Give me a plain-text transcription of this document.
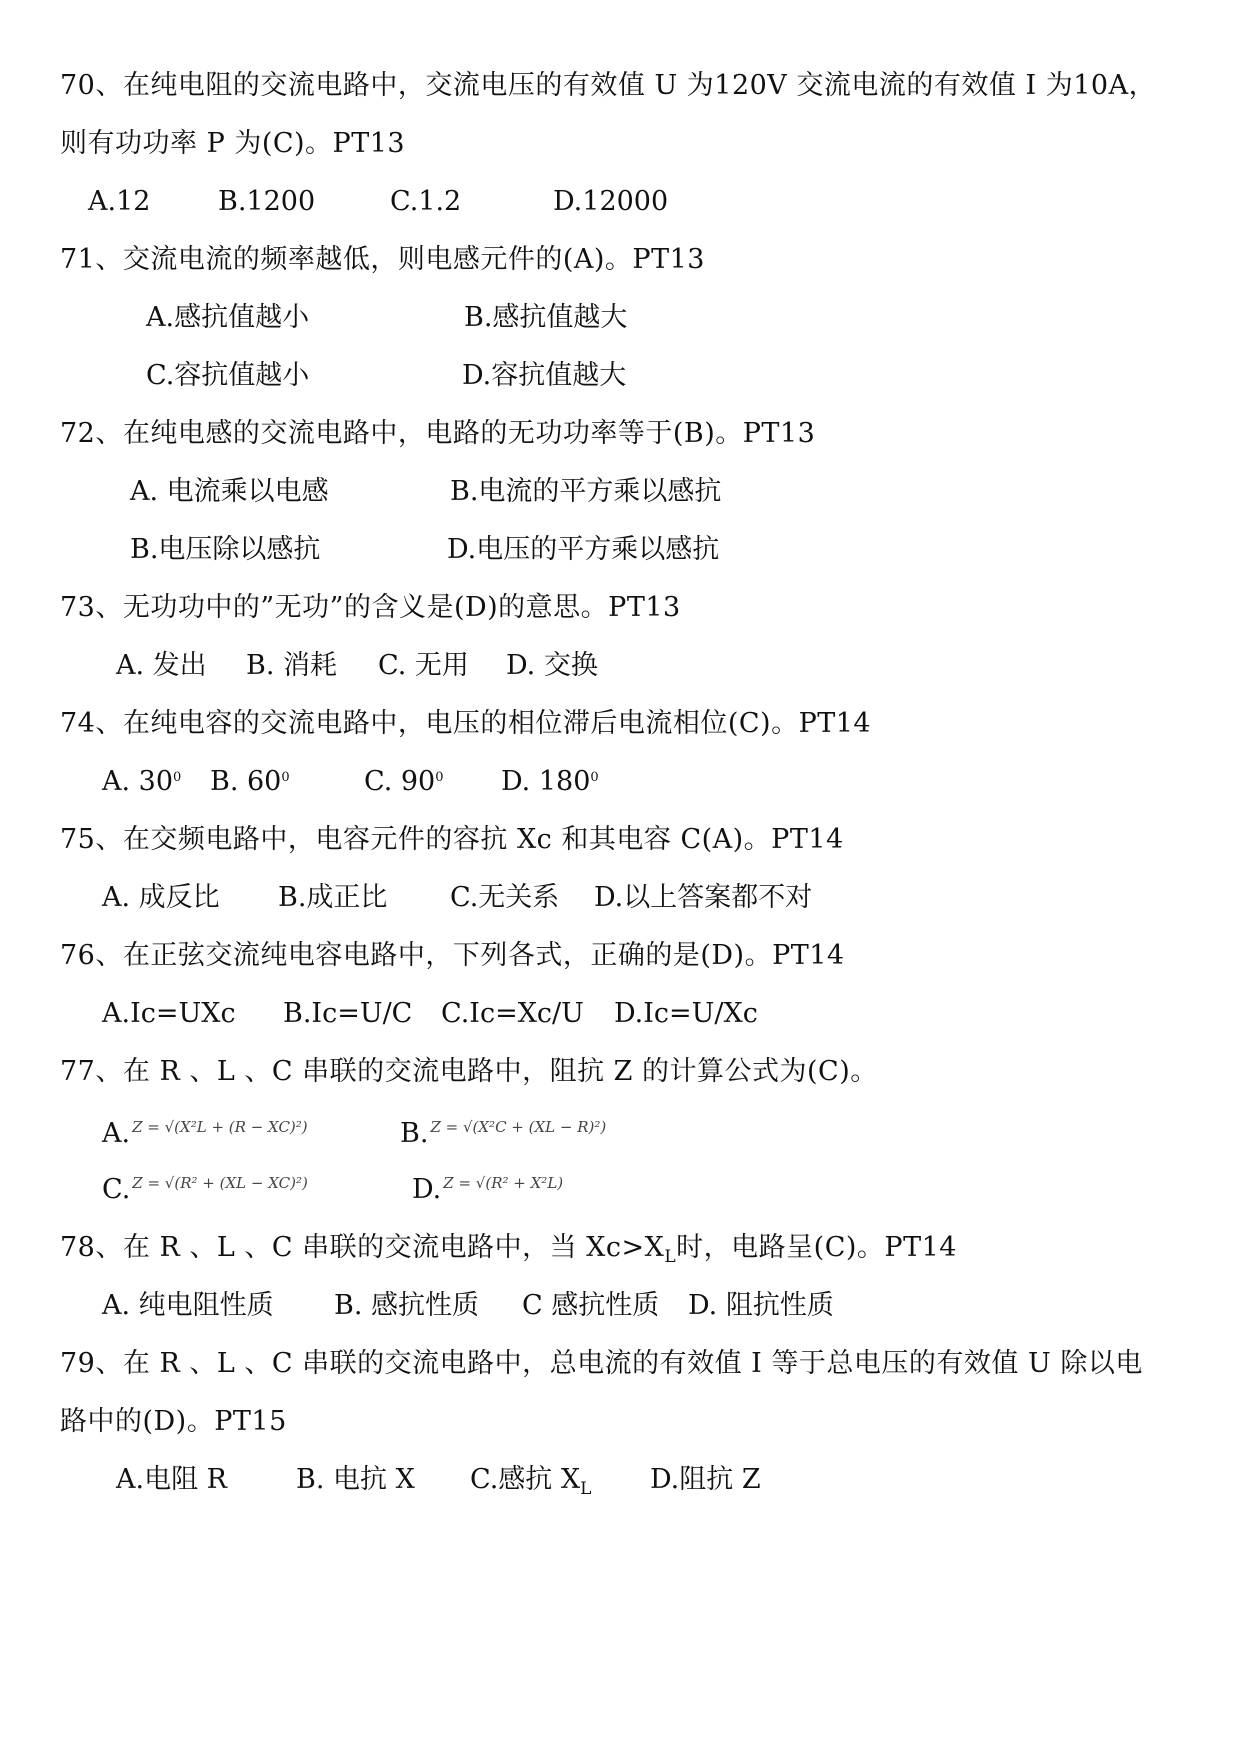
70、在纯电阻的交流电路中，交流电压的有效值 U 为120V 交流电流的有效值 I 为10A，
则有功功率 P 为(C)。PT13
A.12	B.1200	C.1.2	D.12000
71、交流电流的频率越低，则电感元件的(A)。PT13
A.感抗值越小	B.感抗值越大
C.容抗值越小	D.容抗值越大
72、在纯电感的交流电路中，电路的无功功率等于(B)。PT13
A. 电流乘以电感	B.电流的平方乘以感抗
B.电压除以感抗	D.电压的平方乘以感抗
73、无功功中的”无功”的含义是(D)的意思。PT13
A. 发出 B. 消耗 C. 无用 D. 交换
74、在纯电容的交流电路中，电压的相位滞后电流相位(C)。PT14
A. $30^0$ B. $60^0$	C. $90^0$ D. $180^0$
75、在交频电路中，电容元件的容抗 Xc 和其电容 C(A)。PT14
A. 成反比 B.成正比 C.无关系 D.以上答案都不对
76、在正弦交流纯电容电路中，下列各式，正确的是(D)。PT14
A.Ic=UXc B.Ic=U/C C.Ic=Xc/U D.Ic=U/Xc
77、在 R 、L 、C 串联的交流电路中，阻抗 Z 的计算公式为(C)。
A. $^{Z = √(X^2L + (R - XC)^2)}$	B. $^{Z = √(X^2C + (XL - R)^2)}$
C. $^{Z = √(R^2 + (XL - XC)^2)}$	D. $^{Z = √(R^2 + X^2L)}$
78、在 R 、L 、C 串联的交流电路中，当 $Xc>X_L$时，电路呈(C)。PT14
A. 纯电阻性质 B. 感抗性质 C 感抗性质 D. 阻抗性质
79、在 R 、L 、C 串联的交流电路中，总电流的有效值 I 等于总电压的有效值 U 除以电
路中的(D)。PT15
A.电阻 R	B. 电抗 X C.感抗 $X_L$ D.阻抗 Z
